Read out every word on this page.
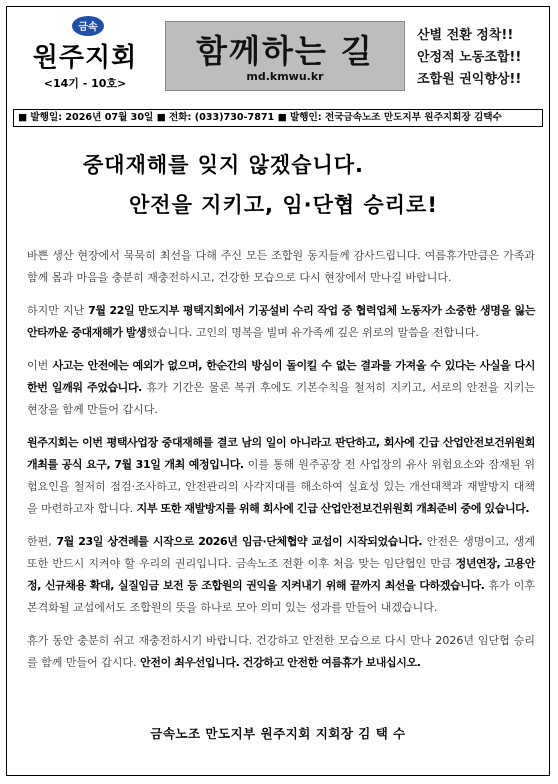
금속
원주지회
<14기 - 10호>
함께하는 길
md.kmwu.kr
산별 전환 정착!!
안정적 노동조합!!
조합원 권익향상!!
■ 발행일: 2026년 07월 30일 ■ 전화: (033)730-7871 ■ 발행인: 전국금속노조 만도지부 원주지회장 김택수
중대재해를 잊지 않겠습니다.
안전을 지키고, 임·단협 승리로!

바쁜 생산 현장에서 묵묵히 최선을 다해 주신 모든 조합원 동지들께 감사드립니다. 여름휴가만큼은 가족과 함께 몸과 마음을 충분히 재충전하시고, 건강한 모습으로 다시 현장에서 만나길 바랍니다.

하지만 지난 7월 22일 만도지부 평택지회에서 기공설비 수리 작업 중 협력업체 노동자가 소중한 생명을 잃는 안타까운 중대재해가 발생했습니다. 고인의 명복을 빌며 유가족께 깊은 위로의 말씀을 전합니다.

이번 사고는 안전에는 예외가 없으며, 한순간의 방심이 돌이킬 수 없는 결과를 가져올 수 있다는 사실을 다시 한번 일깨워 주었습니다. 휴가 기간은 물론 복귀 후에도 기본수칙을 철저히 지키고, 서로의 안전을 지키는 현장을 함께 만들어 갑시다.

원주지회는 이번 평택사업장 중대재해를 결코 남의 일이 아니라고 판단하고, 회사에 긴급 산업안전보건위원회 개최를 공식 요구, 7월 31일 개최 예정입니다. 이를 통해 원주공장 전 사업장의 유사 위험요소와 잠재된 위험요인을 철저히 점검·조사하고, 안전관리의 사각지대를 해소하여 실효성 있는 개선대책과 재발방지 대책을 마련하고자 합니다. 지부 또한 재발방지를 위해 회사에 긴급 산업안전보건위원회 개최준비 중에 있습니다.

한편, 7월 23일 상견례를 시작으로 2026년 임금·단체협약 교섭이 시작되었습니다. 안전은 생명이고, 생계 또한 반드시 지켜야 할 우리의 권리입니다. 금속노조 전환 이후 처음 맞는 임단협인 만큼 정년연장, 고용안정, 신규채용 확대, 실질임금 보전 등 조합원의 권익을 지켜내기 위해 끝까지 최선을 다하겠습니다. 휴가 이후 본격화될 교섭에서도 조합원의 뜻을 하나로 모아 의미 있는 성과를 만들어 내겠습니다.

휴가 동안 충분히 쉬고 재충전하시기 바랍니다. 건강하고 안전한 모습으로 다시 만나 2026년 임단협 승리를 함께 만들어 갑시다. 안전이 최우선입니다. 건강하고 안전한 여름휴가 보내십시오.

금속노조 만도지부 원주지회 지회장 김 택 수
